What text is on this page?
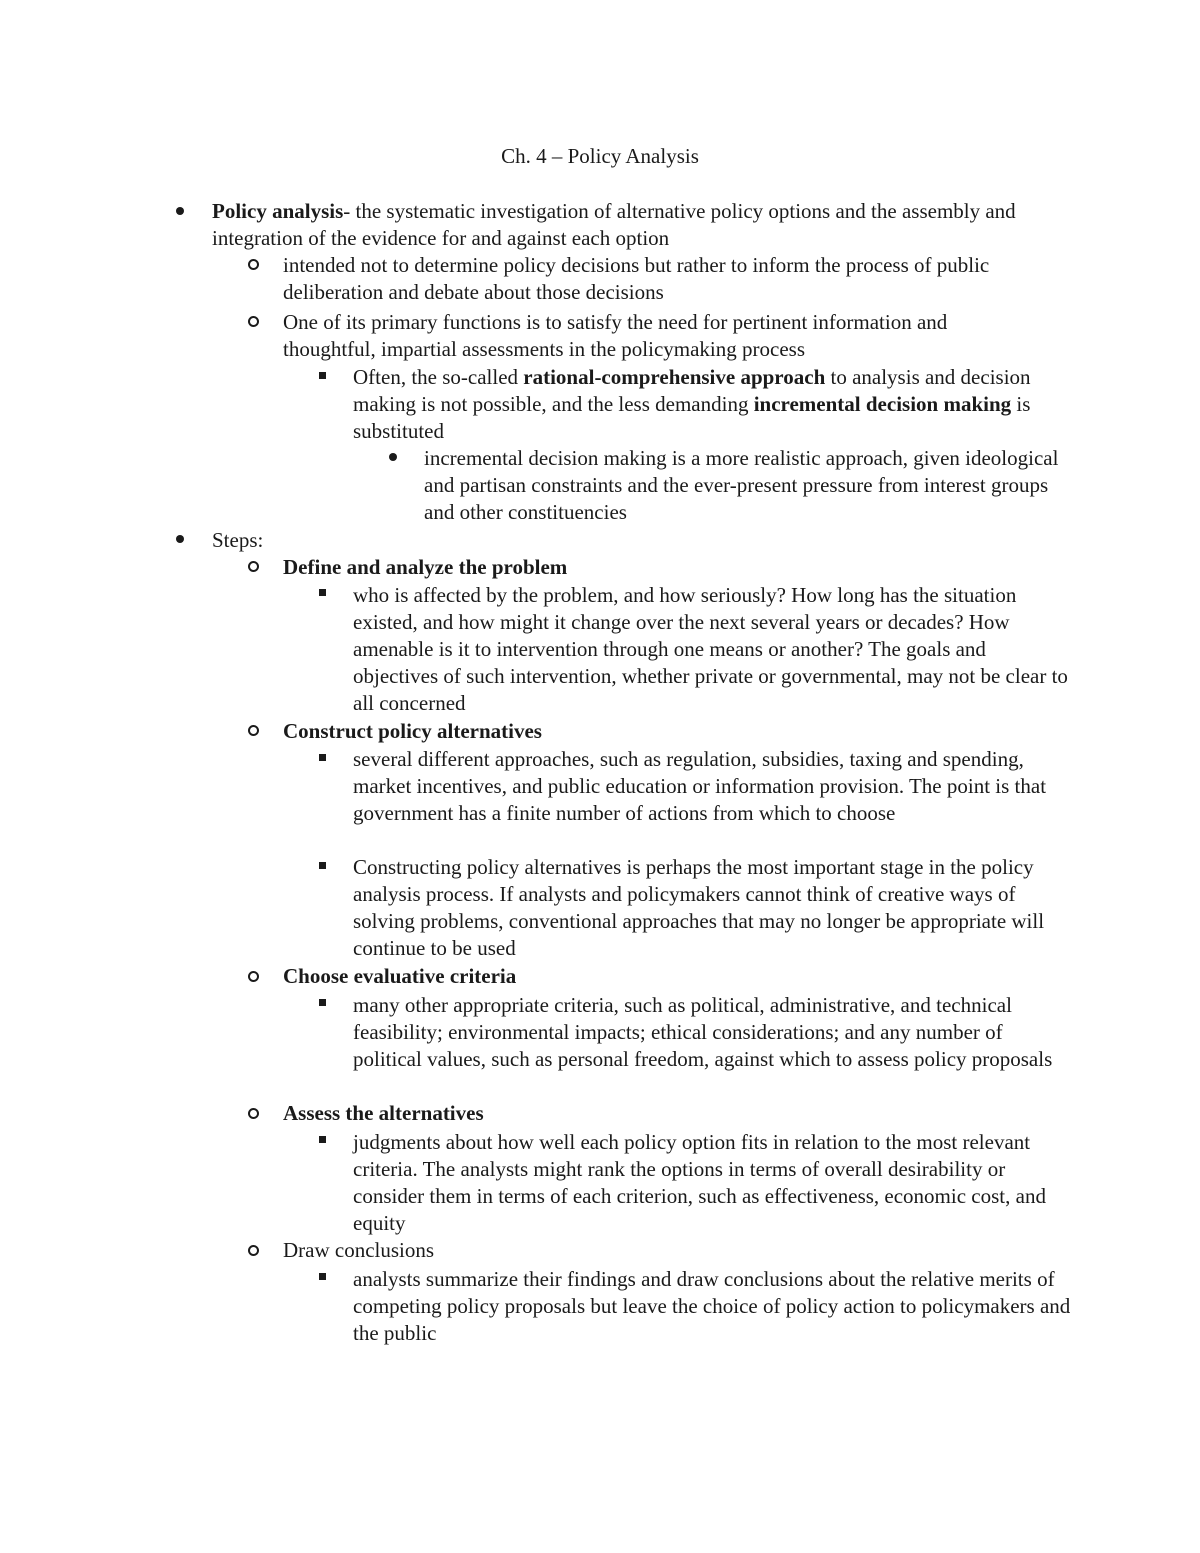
Ch. 4 – Policy Analysis

Policy analysis- the systematic investigation of alternative policy options and the assembly and integration of the evidence for and against each option

intended not to determine policy decisions but rather to inform the process of public deliberation and debate about those decisions

One of its primary functions is to satisfy the need for pertinent information and thoughtful, impartial assessments in the policymaking process

Often, the so-called rational-comprehensive approach to analysis and decision making is not possible, and the less demanding incremental decision making is substituted

incremental decision making is a more realistic approach, given ideological and partisan constraints and the ever-present pressure from interest groups and other constituencies

Steps:

Define and analyze the problem

who is affected by the problem, and how seriously? How long has the situation existed, and how might it change over the next several years or decades? How amenable is it to intervention through one means or another? The goals and objectives of such intervention, whether private or governmental, may not be clear to all concerned

Construct policy alternatives

several different approaches, such as regulation, subsidies, taxing and spending, market incentives, and public education or information provision. The point is that government has a finite number of actions from which to choose

Constructing policy alternatives is perhaps the most important stage in the policy analysis process. If analysts and policymakers cannot think of creative ways of solving problems, conventional approaches that may no longer be appropriate will continue to be used

Choose evaluative criteria

many other appropriate criteria, such as political, administrative, and technical feasibility; environmental impacts; ethical considerations; and any number of political values, such as personal freedom, against which to assess policy proposals

Assess the alternatives

judgments about how well each policy option fits in relation to the most relevant criteria. The analysts might rank the options in terms of overall desirability or consider them in terms of each criterion, such as effectiveness, economic cost, and equity

Draw conclusions

analysts summarize their findings and draw conclusions about the relative merits of competing policy proposals but leave the choice of policy action to policymakers and the public
